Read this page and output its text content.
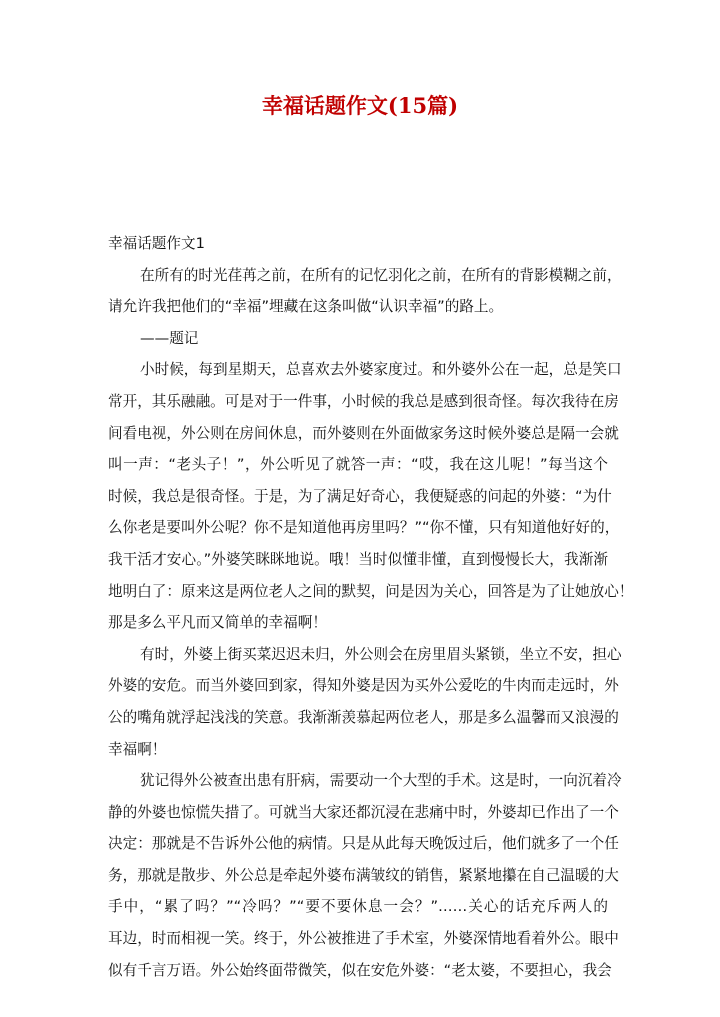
幸福话题作文(15篇)
幸福话题作文1
在所有的时光荏苒之前，在所有的记忆羽化之前，在所有的背影模糊之前，
请允许我把他们的“幸福”埋藏在这条叫做“认识幸福”的路上。
——题记
小时候，每到星期天，总喜欢去外婆家度过。和外婆外公在一起，总是笑口
常开，其乐融融。可是对于一件事，小时候的我总是感到很奇怪。每次我待在房
间看电视，外公则在房间休息，而外婆则在外面做家务这时候外婆总是隔一会就
叫一声：“老头子！”，外公听见了就答一声：“哎，我在这儿呢！”每当这个
时候，我总是很奇怪。于是，为了满足好奇心，我便疑惑的问起的外婆：“为什
么你老是要叫外公呢？你不是知道他再房里吗？”“你不懂，只有知道他好好的，
我干活才安心。”外婆笑眯眯地说。哦！当时似懂非懂，直到慢慢长大，我渐渐
地明白了：原来这是两位老人之间的默契，问是因为关心，回答是为了让她放心！
那是多么平凡而又简单的幸福啊！
有时，外婆上街买菜迟迟未归，外公则会在房里眉头紧锁，坐立不安，担心
外婆的安危。而当外婆回到家，得知外婆是因为买外公爱吃的牛肉而走远时，外
公的嘴角就浮起浅浅的笑意。我渐渐羡慕起两位老人，那是多么温馨而又浪漫的
幸福啊！
犹记得外公被查出患有肝病，需要动一个大型的手术。这是时，一向沉着冷
静的外婆也惊慌失措了。可就当大家还都沉浸在悲痛中时，外婆却已作出了一个
决定：那就是不告诉外公他的病情。只是从此每天晚饭过后，他们就多了一个任
务，那就是散步、外公总是牵起外婆布满皱纹的销售，紧紧地攥在自己温暖的大
手中，“累了吗？”“冷吗？”“要不要休息一会？”……关心的话充斥两人的
耳边，时而相视一笑。终于，外公被推进了手术室，外婆深情地看着外公。眼中
似有千言万语。外公始终面带微笑，似在安危外婆：“老太婆，不要担心，我会
